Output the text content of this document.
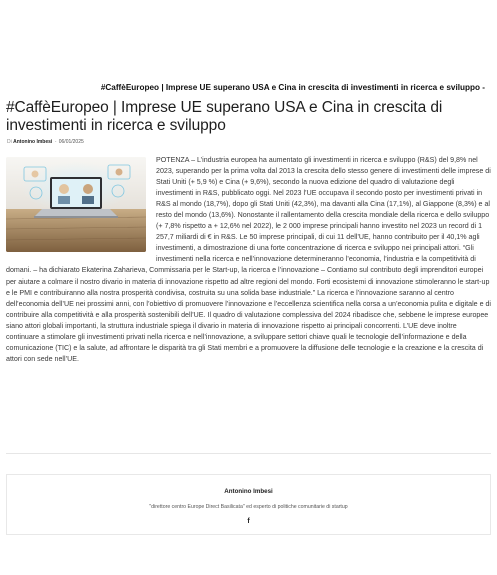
#CaffèEuropeo | Imprese UE superano USA e Cina in crescita di investimenti in ricerca e sviluppo -
#CaffèEuropeo | Imprese UE superano USA e Cina in crescita di investimenti in ricerca e sviluppo
Di Antonino Imbesi - 06/01/2025

POTENZA – L’industria europea ha aumentato gli investimenti in ricerca e sviluppo (R&S) del 9,8% nel 2023, superando per la prima volta dal 2013 la crescita dello stesso genere di investimenti delle imprese di Stati Uniti (+ 5,9 %) e Cina (+ 9,6%), secondo la nuova edizione del quadro di valutazione degli investimenti in R&S, pubblicato oggi. Nel 2023 l’UE occupava il secondo posto per investimenti privati in R&S al mondo (18,7%), dopo gli Stati Uniti (42,3%), ma davanti alla Cina (17,1%), al Giappone (8,3%) e al resto del mondo (13,6%). Nonostante il rallentamento della crescita mondiale della ricerca e dello sviluppo (+ 7,8% rispetto a + 12,6% nel 2022), le 2 000 imprese principali hanno investito nel 2023 un record di 1 257,7 miliardi di € in R&S. Le 50 imprese principali, di cui 11 dell’UE, hanno contribuito per il 40,1% agli investimenti, a dimostrazione di una forte concentrazione di ricerca e sviluppo nei principali attori. “Gli investimenti nella ricerca e nell’innovazione determineranno l’economia, l’industria e la competitività di domani. – ha dichiarato Ekaterina Zaharieva, Commissaria per le Start-up, la ricerca e l’innovazione – Contiamo sul contributo degli imprenditori europei per aiutare a colmare il nostro divario in materia di innovazione rispetto ad altre regioni del mondo. Forti ecosistemi di innovazione stimoleranno le start-up e le PMI e contribuiranno alla nostra prosperità condivisa, costruita su una solida base industriale.” La ricerca e l’innovazione saranno al centro dell’economia dell’UE nei prossimi anni, con l’obiettivo di promuovere l’innovazione e l’eccellenza scientifica nella corsa a un’economia pulita e digitale e di contribuire alla competitività e alla prosperità sostenibili dell’UE. Il quadro di valutazione complessiva del 2024 ribadisce che, sebbene le imprese europee siano attori globali importanti, la struttura industriale spiega il divario in materia di innovazione rispetto ai principali concorrenti. L’UE deve inoltre continuare a stimolare gli investimenti privati nella ricerca e nell’innovazione, a sviluppare settori chiave quali le tecnologie dell’informazione e della comunicazione (TIC) e la salute, ad affrontare le disparità tra gli Stati membri e a promuovere la diffusione delle tecnologie e la creazione e la crescita di attori con sede nell’UE.

Antonino Imbesi
"direttore centro Europe Direct Basilicata" ed esperto di politiche comunitarie di startup
f
